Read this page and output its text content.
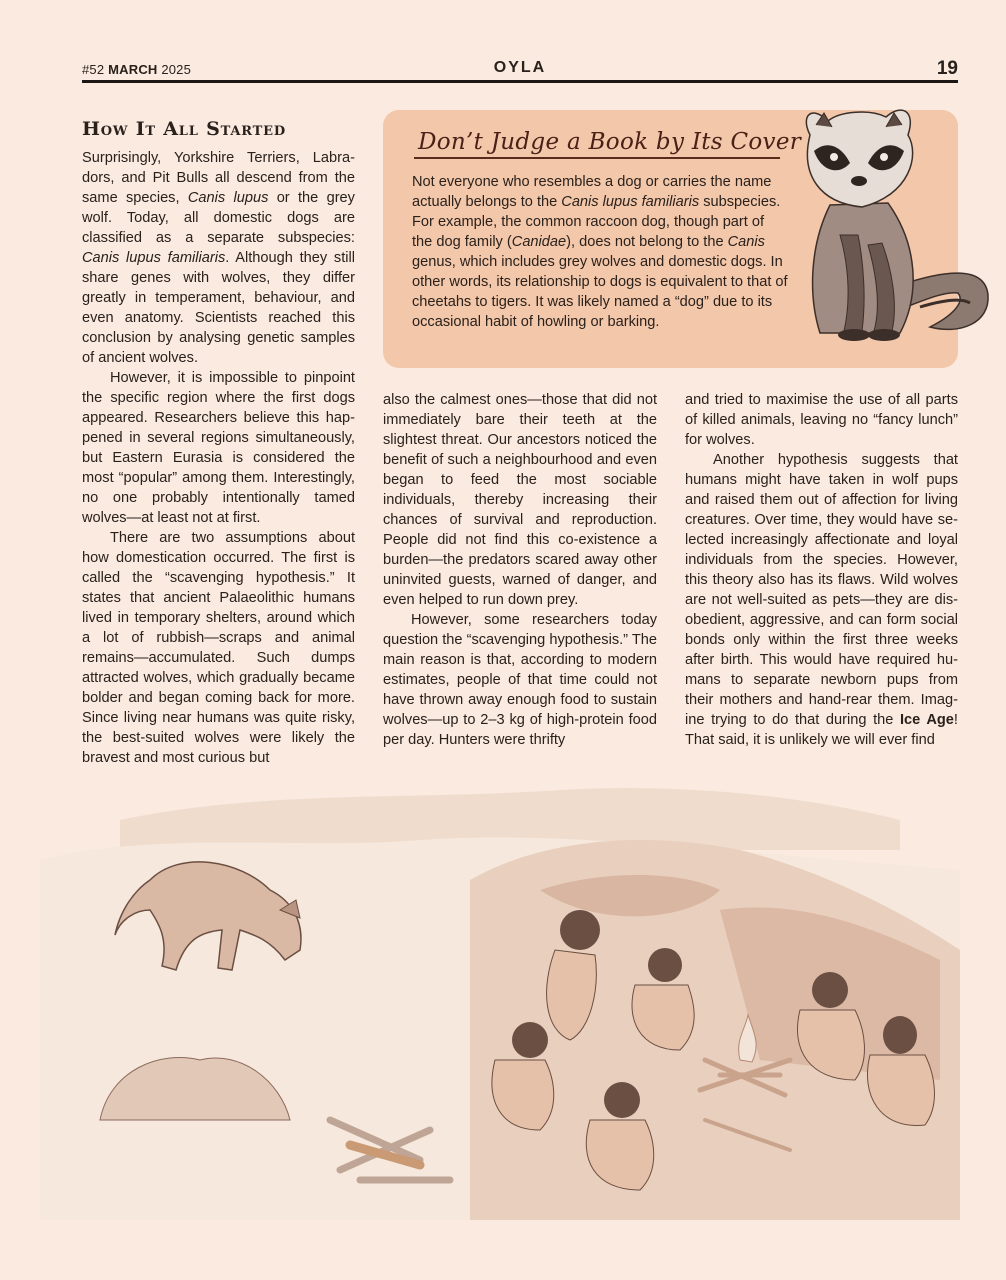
#52 MARCH 2025	OYLA	19
How It All Started

Surprisingly, Yorkshire Terriers, Labradors, and Pit Bulls all descend from the same species, Canis lupus or the grey wolf. Today, all domestic dogs are classified as a separate subspecies: Canis lupus familiaris. Although they still share genes with wolves, they differ greatly in temperament, behaviour, and even anatomy. Scientists reached this conclusion by analysing genetic samples of ancient wolves.

However, it is impossible to pinpoint the specific region where the first dogs appeared. Researchers believe this happened in several regions simultaneously, but Eastern Eurasia is considered the most “popular” among them. Interestingly, no one probably intentionally tamed wolves—at least not at first.

There are two assumptions about how domestication occurred. The first is called the “scavenging hypothesis.” It states that ancient Palaeolithic humans lived in temporary shelters, around which a lot of rubbish—scraps and animal remains—accumulated. Such dumps attracted wolves, which gradually became bolder and began coming back for more. Since living near humans was quite risky, the best-suited wolves were likely the bravest and most curious but

Don’t Judge a Book by Its Cover
Not everyone who resembles a dog or carries the name actually belongs to the Canis lupus familiaris subspecies. For example, the common raccoon dog, though part of the dog family (Canidae), does not belong to the Canis genus, which includes grey wolves and domestic dogs. In other words, its relationship to dogs is equivalent to that of cheetahs to tigers. It was likely named a “dog” due to its occasional habit of howling or barking.

also the calmest ones—those that did not immediately bare their teeth at the slightest threat. Our ancestors noticed the benefit of such a neighbourhood and even began to feed the most sociable individuals, thereby increasing their chances of survival and reproduction. People did not find this co-existence a burden—the predators scared away other uninvited guests, warned of danger, and even helped to run down prey.

However, some researchers today question the “scavenging hypothesis.” The main reason is that, according to modern estimates, people of that time could not have thrown away enough food to sustain wolves—up to 2–3 kg of high-protein food per day. Hunters were thrifty

and tried to maximise the use of all parts of killed animals, leaving no “fancy lunch” for wolves.

Another hypothesis suggests that humans might have taken in wolf pups and raised them out of affection for living creatures. Over time, they would have selected increasingly affectionate and loyal individuals from the species. However, this theory also has its flaws. Wild wolves are not well-suited as pets—they are disobedient, aggressive, and can form social bonds only within the first three weeks after birth. This would have required humans to separate newborn pups from their mothers and hand-rear them. Imagine trying to do that during the Ice Age! That said, it is unlikely we will ever find
